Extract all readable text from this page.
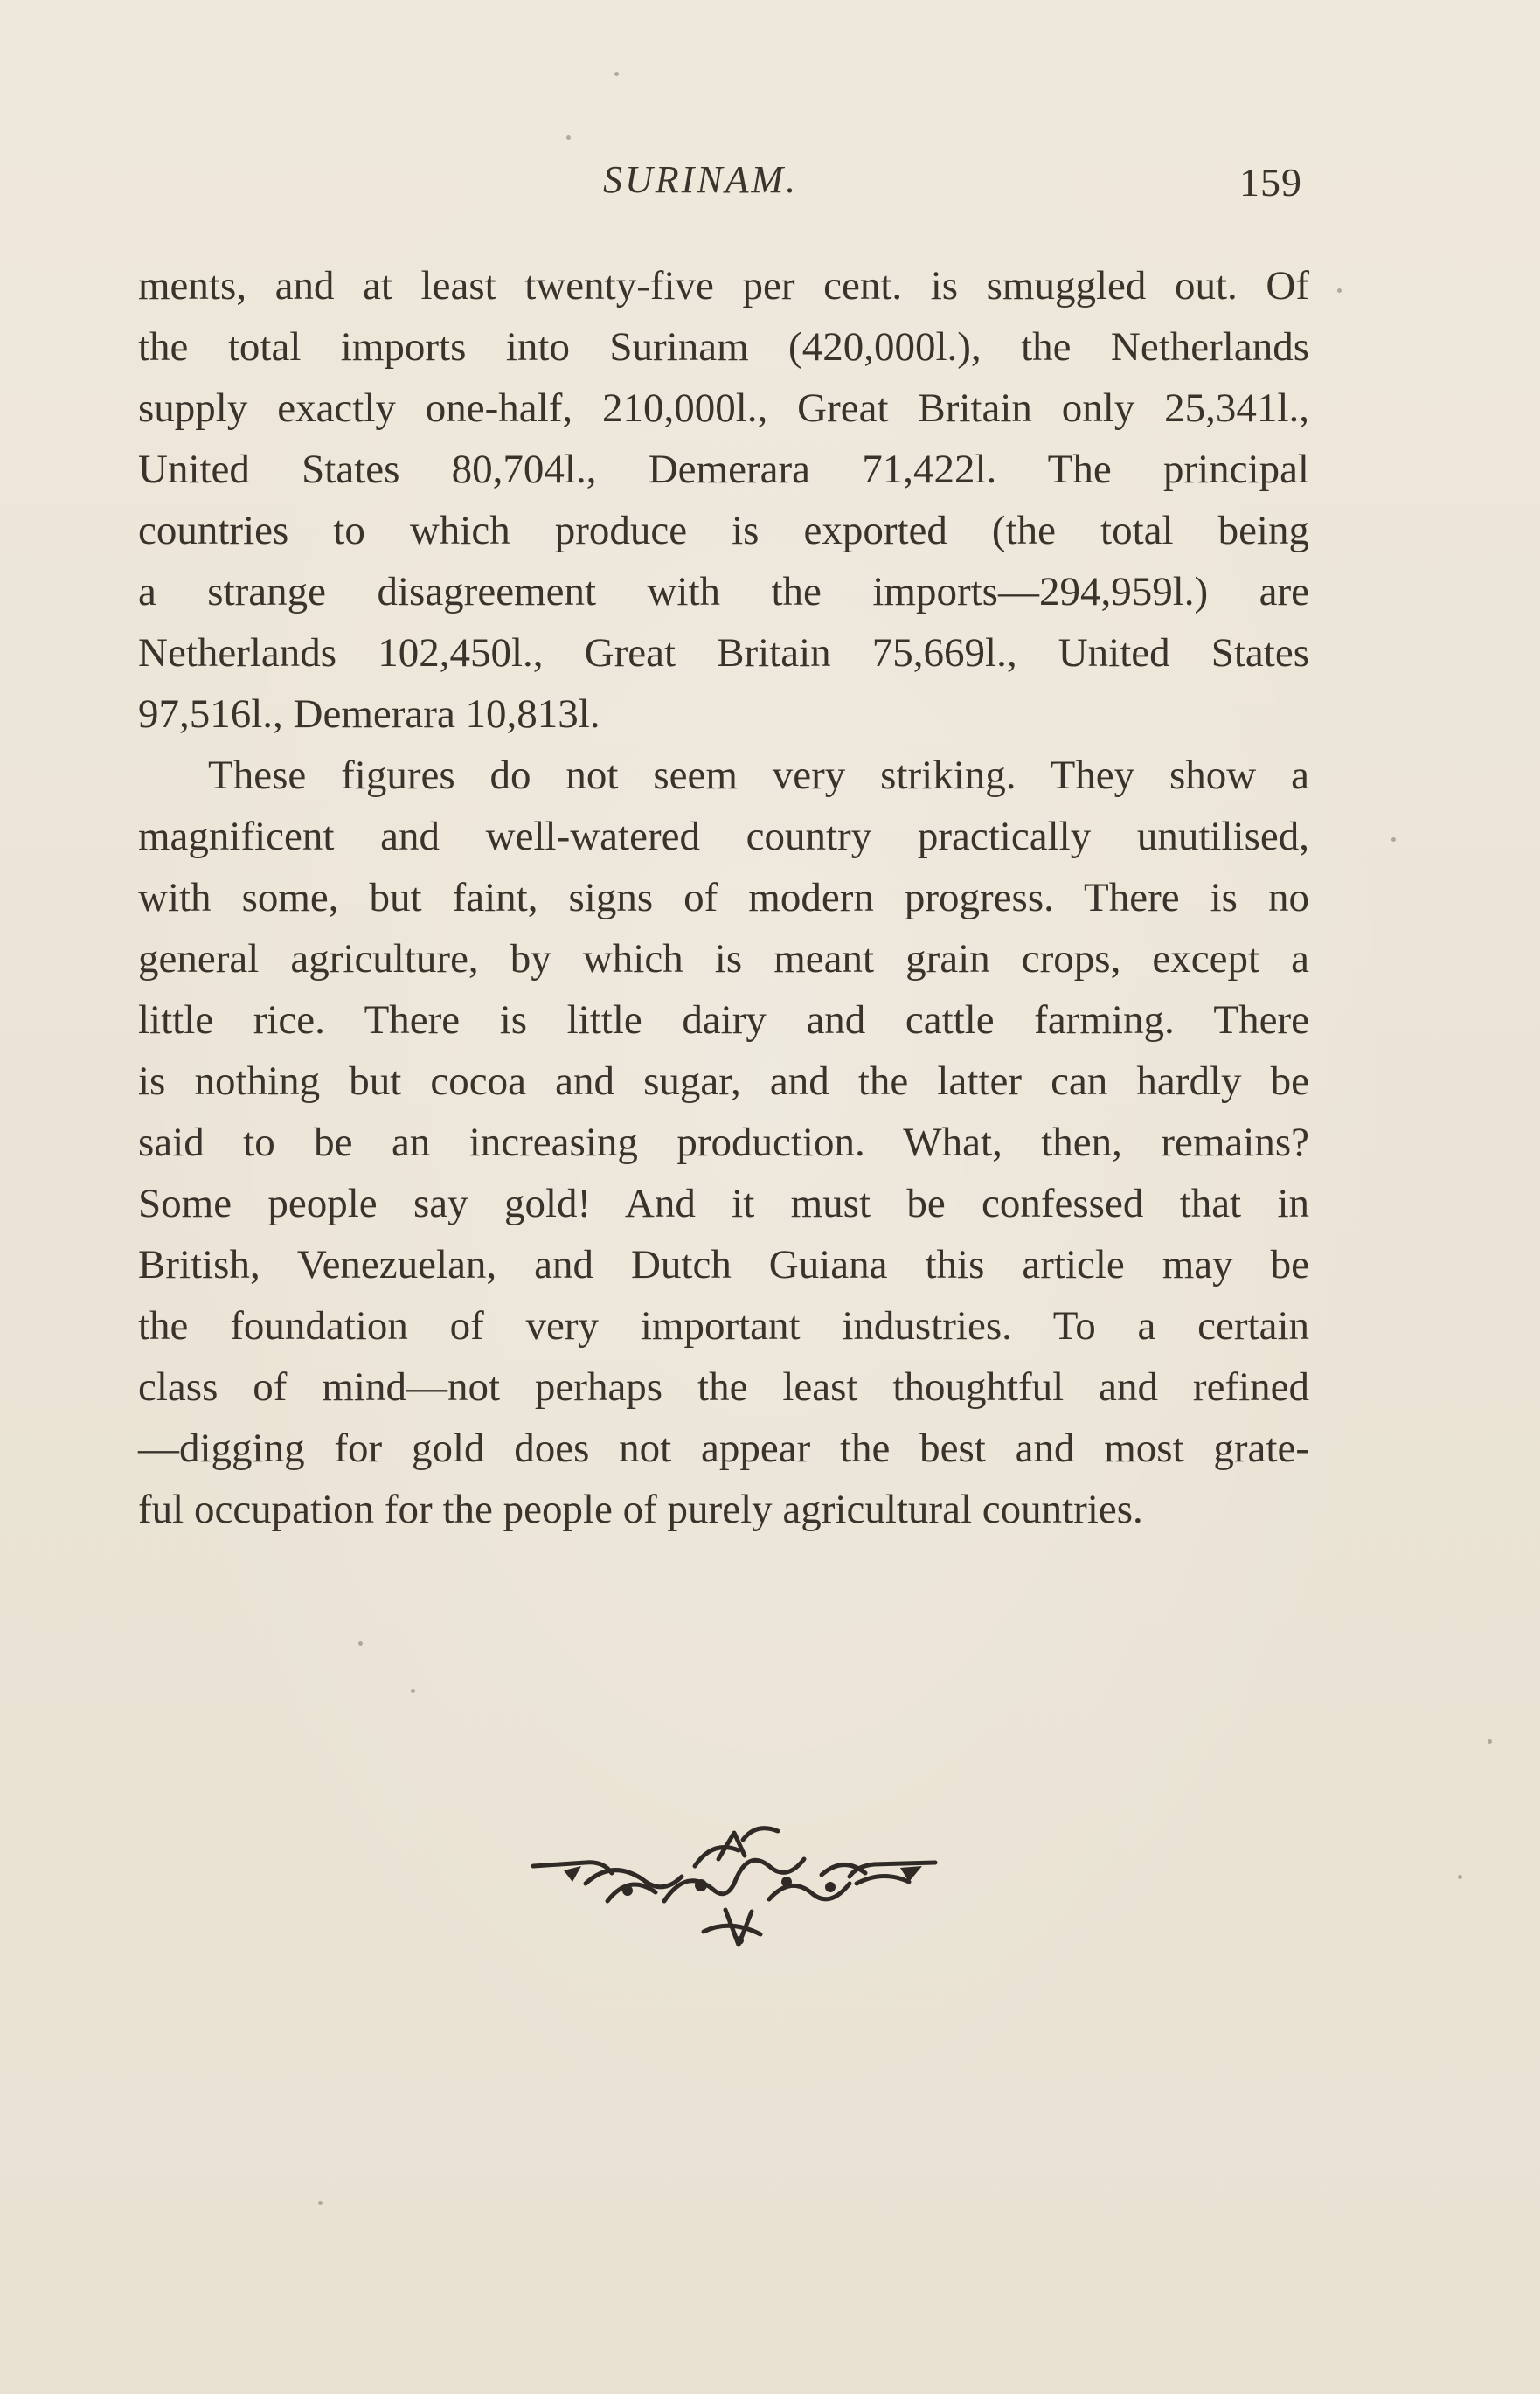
SURINAM.	159
ments, and at least twenty-five per cent. is smuggled out. Of
the total imports into Surinam (420,000l.), the Netherlands
supply exactly one-half, 210,000l., Great Britain only 25,341l.,
United States 80,704l., Demerara 71,422l. The principal
countries to which produce is exported (the total being
a strange disagreement with the imports—294,959l.) are
Netherlands 102,450l., Great Britain 75,669l., United States
97,516l., Demerara 10,813l.
These figures do not seem very striking. They show a
magnificent and well-watered country practically unutilised,
with some, but faint, signs of modern progress. There is no
general agriculture, by which is meant grain crops, except a
little rice. There is little dairy and cattle farming. There
is nothing but cocoa and sugar, and the latter can hardly be
said to be an increasing production. What, then, remains?
Some people say gold! And it must be confessed that in
British, Venezuelan, and Dutch Guiana this article may be
the foundation of very important industries. To a certain
class of mind—not perhaps the least thoughtful and refined
—digging for gold does not appear the best and most grate-
ful occupation for the people of purely agricultural countries.
